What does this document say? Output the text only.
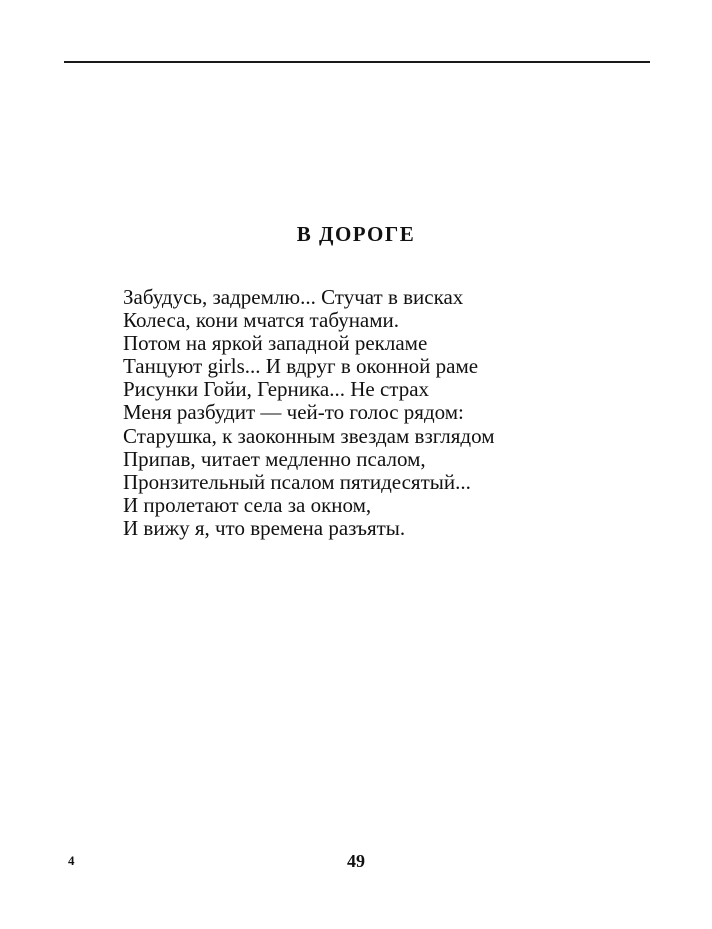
В ДОРОГЕ
Забудусь, задремлю... Стучат в висках
Колеса, кони мчатся табунами.
Потом на яркой западной рекламе
Танцуют girls... И вдруг в оконной раме
Рисунки Гойи, Герника... Не страх
Меня разбудит — чей-то голос рядом:
Старушка, к заоконным звездам взглядом
Припав, читает медленно псалом,
Пронзительный псалом пятидесятый...
И пролетают села за окном,
И вижу я, что времена разъяты.
4	49
